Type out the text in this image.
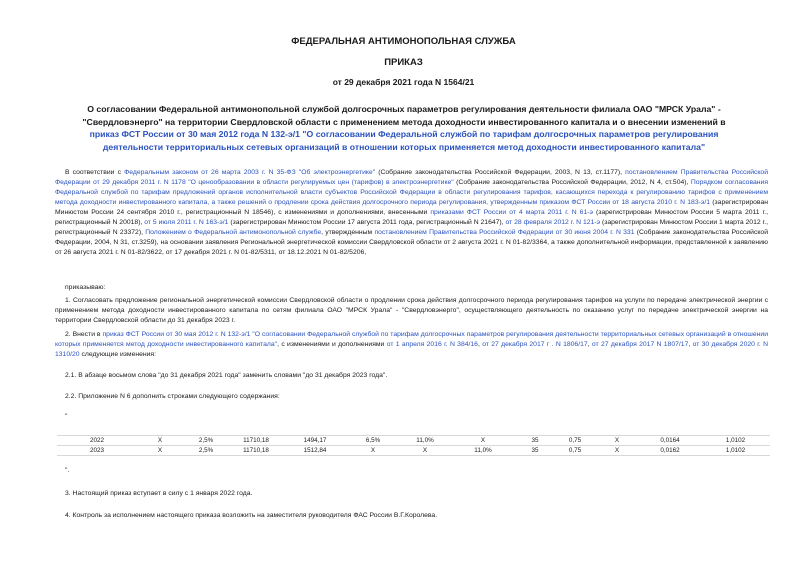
ФЕДЕРАЛЬНАЯ АНТИМОНОПОЛЬНАЯ СЛУЖБА
ПРИКАЗ
от 29 декабря 2021 года N 1564/21
О согласовании Федеральной антимонопольной службой долгосрочных параметров регулирования деятельности филиала ОАО "МРСК Урала" - "Свердловэнерго" на территории Свердловской области с применением метода доходности инвестированного капитала и о внесении изменений в приказ ФСТ России от 30 мая 2012 года N 132-э/1 "О согласовании Федеральной службой по тарифам долгосрочных параметров регулирования деятельности территориальных сетевых организаций в отношении которых применяется метод доходности инвестированного капитала"
В соответствии с Федеральным законом от 26 марта 2003 г. N 35-ФЗ "Об электроэнергетике" (Собрание законодательства Российской Федерации, 2003, N 13, ст.1177), постановлением Правительства Российской Федерации от 29 декабря 2011 г. N 1178 "О ценообразовании в области регулируемых цен (тарифов) в электроэнергетике" (Собрание законодательства Российской Федерации, 2012, N 4, ст.504), Порядком согласования Федеральной службой по тарифам предложений органов исполнительной власти субъектов Российской Федерации в области регулирования тарифов, касающихся перехода к регулированию тарифов с применением метода доходности инвестированного капитала, а также решений о продлении срока действия долгосрочного периода регулирования, утвержденным приказом ФСТ России от 18 августа 2010 г. N 183-э/1 (зарегистрирован Минюстом России 24 сентября 2010 г., регистрационный N 18546), с изменениями и дополнениями, внесенными приказами ФСТ России от 4 марта 2011 г. N 61-э (зарегистрирован Минюстом России 5 марта 2011 г., регистрационный N 20018), от 5 июля 2011 г. N 163-э/1 (зарегистрирован Минюстом России 17 августа 2011 года, регистрационный N 21647), от 28 февраля 2012 г. N 121-э (зарегистрирован Минюстом России 1 марта 2012 г., регистрационный N 23372), Положением о Федеральной антимонопольной службе, утвержденным постановлением Правительства Российской Федерации от 30 июня 2004 г. N 331 (Собрание законодательства Российской Федерации, 2004, N 31, ст.3259), на основании заявления Региональной энергетической комиссии Свердловской области от 2 августа 2021 г. N 01-82/3364, а также дополнительной информации, представленной к заявлению от 26 августа 2021 г. N 01-82/3622, от 17 декабря 2021 г. N 01-82/5311, от 18.12.2021 N 01-82/5206,
приказываю:
1. Согласовать предложение региональной энергетической комиссии Свердловской области о продлении срока действия долгосрочного периода регулирования тарифов на услуги по передаче электрической энергии с применением метода доходности инвестированного капитала по сетям филиала ОАО "МРСК Урала" - "Свердловэнерго", осуществляющего деятельность по оказанию услуг по передаче электрической энергии на территории Свердловской области до 31 декабря 2023 г.
2. Внести в приказ ФСТ России от 30 мая 2012 г. N 132-э/1 "О согласовании Федеральной службой по тарифам долгосрочных параметров регулирования деятельности территориальных сетевых организаций в отношении которых применяется метод доходности инвестированного капитала", с изменениями и дополнениями от 1 апреля 2016 г. N 384/16, от 27 декабря 2017 г . N 1806/17, от 27 декабря 2017 N 1807/17, от 30 декабря 2020 г. N 1310/20 следующие изменения:
2.1. В абзаце восьмом слова "до 31 декабря 2021 года" заменить словами "до 31 декабря 2023 года".
2.2. Приложение N 6 дополнить строками следующего содержания:
"
2022	X	2,5%	11710,18	1494,17	6,5%	11,0%	X	35	0,75	X	0,0164	1,0102
2023	X	2,5%	11710,18	1512,84	X	X	11,0%	35	0,75	X	0,0162	1,0102
".
3. Настоящий приказ вступает в силу с 1 января 2022 года.
4. Контроль за исполнением настоящего приказа возложить на заместителя руководителя ФАС России В.Г.Королева.
